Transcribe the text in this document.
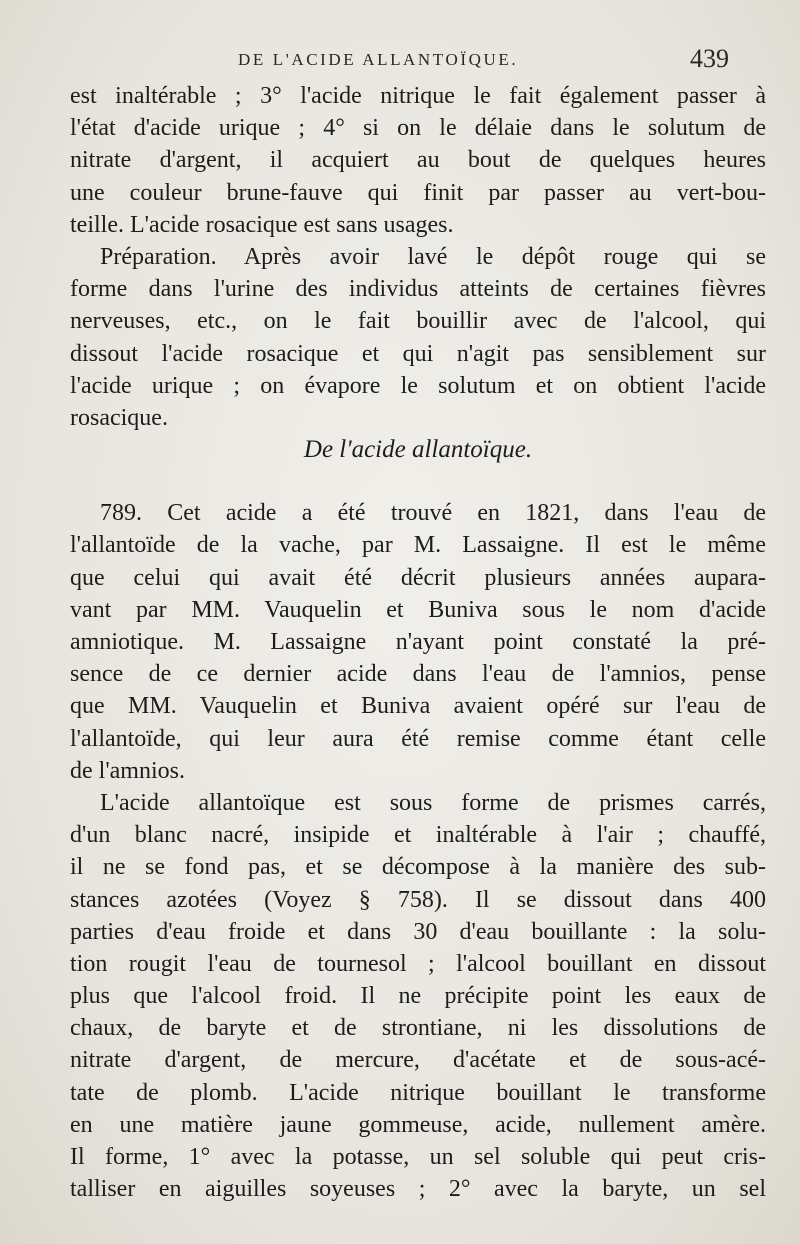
DE L'ACIDE ALLANTOÏQUE.	439
est inaltérable ; 3° l'acide nitrique le fait également passer à
l'état d'acide urique ; 4° si on le délaie dans le solutum de
nitrate d'argent, il acquiert au bout de quelques heures
une couleur brune-fauve qui finit par passer au vert-bou-
teille. L'acide rosacique est sans usages.
Préparation. Après avoir lavé le dépôt rouge qui se
forme dans l'urine des individus atteints de certaines fièvres
nerveuses, etc., on le fait bouillir avec de l'alcool, qui
dissout l'acide rosacique et qui n'agit pas sensiblement sur
l'acide urique ; on évapore le solutum et on obtient l'acide
rosacique.
De l'acide allantoïque.
789. Cet acide a été trouvé en 1821, dans l'eau de
l'allantoïde de la vache, par M. Lassaigne. Il est le même
que celui qui avait été décrit plusieurs années aupara-
vant par MM. Vauquelin et Buniva sous le nom d'acide
amniotique. M. Lassaigne n'ayant point constaté la pré-
sence de ce dernier acide dans l'eau de l'amnios, pense
que MM. Vauquelin et Buniva avaient opéré sur l'eau de
l'allantoïde, qui leur aura été remise comme étant celle
de l'amnios.
L'acide allantoïque est sous forme de prismes carrés,
d'un blanc nacré, insipide et inaltérable à l'air ; chauffé,
il ne se fond pas, et se décompose à la manière des sub-
stances azotées (Voyez § 758). Il se dissout dans 400
parties d'eau froide et dans 30 d'eau bouillante : la solu-
tion rougit l'eau de tournesol ; l'alcool bouillant en dissout
plus que l'alcool froid. Il ne précipite point les eaux de
chaux, de baryte et de strontiane, ni les dissolutions de
nitrate d'argent, de mercure, d'acétate et de sous-acé-
tate de plomb. L'acide nitrique bouillant le transforme
en une matière jaune gommeuse, acide, nullement amère.
Il forme, 1° avec la potasse, un sel soluble qui peut cris-
talliser en aiguilles soyeuses ; 2° avec la baryte, un sel
